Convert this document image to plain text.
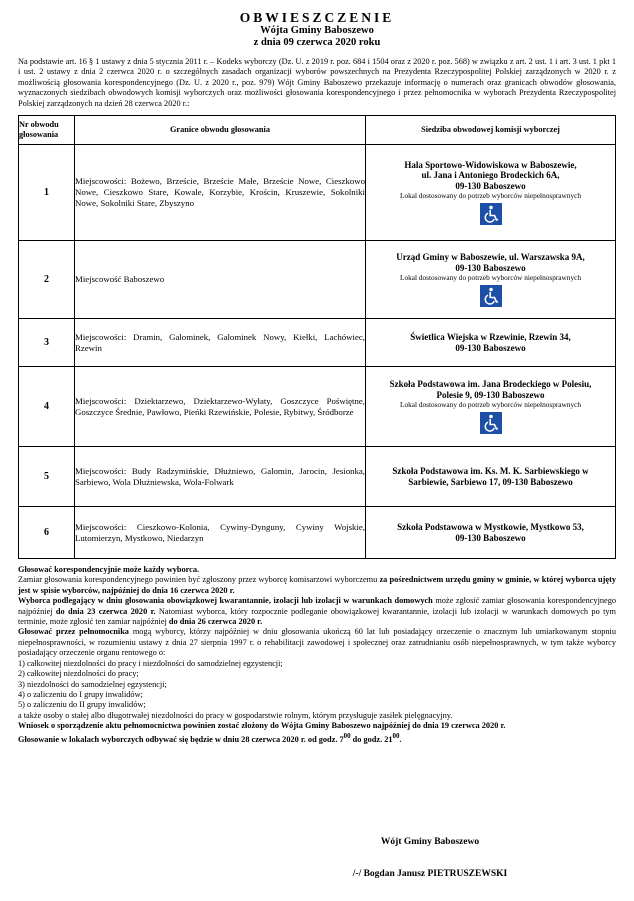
OBWIESZCZENIE
Wójta Gminy Baboszewo
z dnia 09 czerwca 2020 roku
Na podstawie art. 16 § 1 ustawy z dnia 5 stycznia 2011 r. – Kodeks wyborczy (Dz. U. z 2019 r. poz. 684 i 1504 oraz z 2020 r. poz. 568) w związku z art. 2 ust. 1 i art. 3 ust. 1 pkt 1 i ust. 2 ustawy z dnia 2 czerwca 2020 r. o szczególnych zasadach organizacji wyborów powszechnych na Prezydenta Rzeczypospolitej Polskiej zarządzonych w 2020 r. z możliwością głosowania korespondencyjnego (Dz. U. z 2020 r., poz. 979) Wójt Gminy Baboszewo przekazuje informację o numerach oraz granicach obwodów głosowania, wyznaczonych siedzibach obwodowych komisji wyborczych oraz możliwości głosowania korespondencyjnego i przez pełnomocnika w wyborach Prezydenta Rzeczypospolitej Polskiej zarządzonych na dzień 28 czerwca 2020 r.:
Nr obwodu głosowania	Granice obwodu głosowania	Siedziba obwodowej komisji wyborczej
1	Miejscowości: Bożewo, Brzeście, Brzeście Małe, Brzeście Nowe, Cieszkowo Nowe, Cieszkowo Stare, Kowale, Korzybie, Krościn, Kruszewie, Sokolniki Nowe, Sokolniki Stare, Zbyszyno	Hala Sportowo-Widowiskowa w Baboszewie,
ul. Jana i Antoniego Brodeckich 6A,
09-130 Baboszewo
Lokal dostosowany do potrzeb wyborców niepełnosprawnych

2	Miejscowość Baboszewo	Urząd Gminy w Baboszewie, ul. Warszawska 9A,
09-130 Baboszewo
Lokal dostosowany do potrzeb wyborców niepełnosprawnych

3	Miejscowości: Dramin, Galominek, Galominek Nowy, Kiełki, Lachówiec, Rzewin	Świetlica Wiejska w Rzewinie, Rzewin 34,
09-130 Baboszewo

4	Miejscowości: Dziektarzewo, Dziektarzewo-Wyłaty, Goszczyce Poświętne, Goszczyce Średnie, Pawłowo, Pieńki Rzewińskie, Polesie, Rybitwy, Śródborze	Szkoła Podstawowa im. Jana Brodeckiego w Polesiu,
Polesie 9, 09-130 Baboszewo
Lokal dostosowany do potrzeb wyborców niepełnosprawnych

5	Miejscowości: Budy Radzymińskie, Dłużniewo, Galomin, Jarocin, Jesionka, Sarbiewo, Wola Dłużniewska, Wola-Folwark	Szkoła Podstawowa im. Ks. M. K. Sarbiewskiego w
Sarbiewie, Sarbiewo 17, 09-130 Baboszewo

6	Miejscowości: Cieszkowo-Kolonia, Cywiny-Dynguny, Cywiny Wojskie, Lutomierzyn, Mystkowo, Niedarzyn	Szkoła Podstawowa w Mystkowie, Mystkowo 53,
09-130 Baboszewo

Głosować korespondencyjnie może każdy wyborca.

Zamiar głosowania korespondencyjnego powinien być zgłoszony przez wyborcę komisarzowi wyborczemu za pośrednictwem urzędu gminy w gminie, w której wyborca ujęty jest w spisie wyborców, najpóźniej do dnia 16 czerwca 2020 r.

Wyborca podlegający w dniu głosowania obowiązkowej kwarantannie, izolacji lub izolacji w warunkach domowych może zgłosić zamiar głosowania korespondencyjnego najpóźniej do dnia 23 czerwca 2020 r. Natomiast wyborca, który rozpocznie podleganie obowiązkowej kwarantannie, izolacji lub izolacji w warunkach domowych po tym terminie, może zgłosić ten zamiar najpóźniej do dnia 26 czerwca 2020 r.

Głosować przez pełnomocnika mogą wyborcy, którzy najpóźniej w dniu głosowania ukończą 60 lat lub posiadający orzeczenie o znacznym lub umiarkowanym stopniu niepełnosprawności, w rozumieniu ustawy z dnia 27 sierpnia 1997 r. o rehabilitacji zawodowej i społecznej oraz zatrudnianiu osób niepełnosprawnych, w tym także wyborcy posiadający orzeczenie organu rentowego o:

1) całkowitej niezdolności do pracy i niezdolności do samodzielnej egzystencji;

2) całkowitej niezdolności do pracy;

3) niezdolności do samodzielnej egzystencji;

4) o zaliczeniu do I grupy inwalidów;

5) o zaliczeniu do II grupy inwalidów;

a także osoby o stałej albo długotrwałej niezdolności do pracy w gospodarstwie rolnym, którym przysługuje zasiłek pielęgnacyjny.

Wniosek o sporządzenie aktu pełnomocnictwa powinien zostać złożony do Wójta Gminy Baboszewo najpóźniej do dnia 19 czerwca 2020 r.

Głosowanie w lokalach wyborczych odbywać się będzie w dniu 28 czerwca 2020 r. od godz. $7^{00}$ do godz. $21^{00}$.

Wójt Gminy Baboszewo
/-/ Bogdan Janusz PIETRUSZEWSKI
